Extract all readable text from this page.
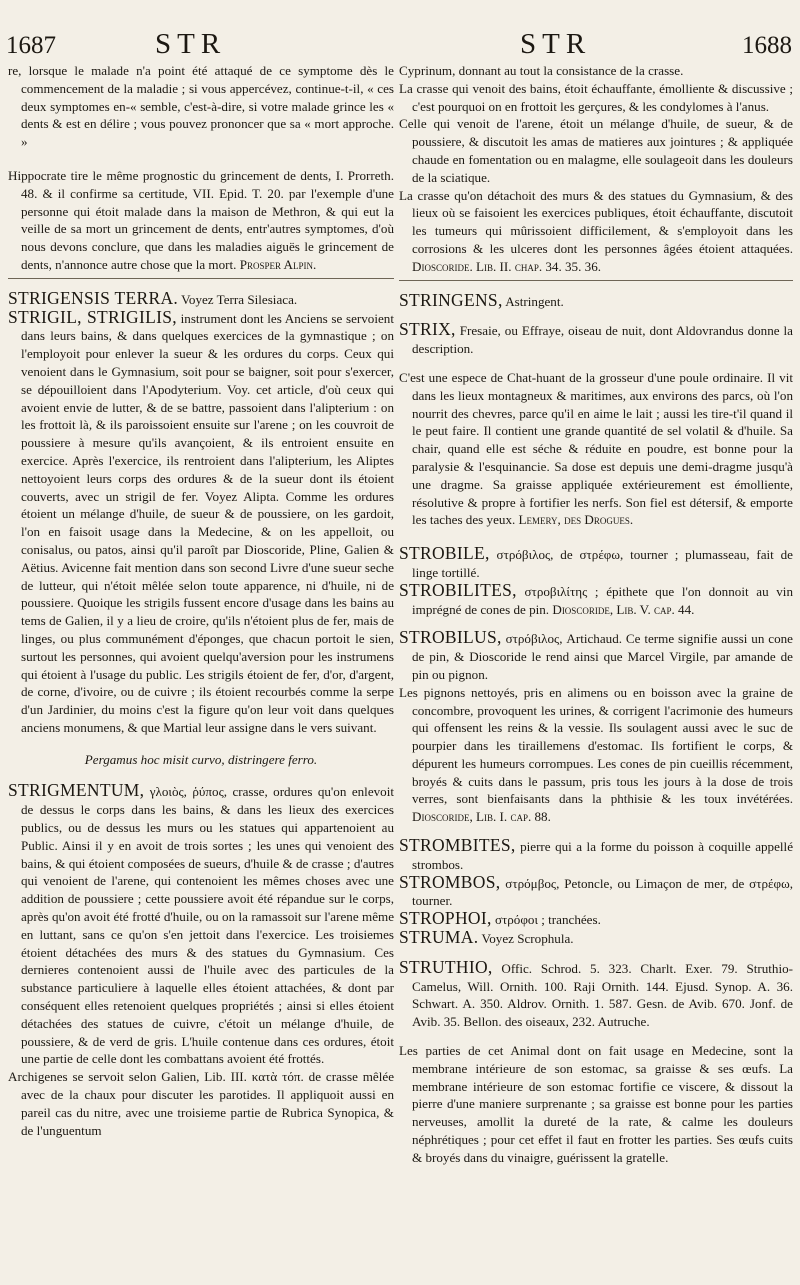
1687	STR	STR	1688

re, lorsque le malade n'a point été attaqué de ce symptome dès le commencement de la maladie ; si vous appercévez, continue-t-il, « ces deux symptomes en-« semble, c'est-à-dire, si votre malade grince les « dents & est en délire ; vous pouvez prononcer que sa « mort approche. »

Hippocrate tire le même prognostic du grincement de dents, I. Prorreth. 48. & il confirme sa certitude, VII. Epid. T. 20. par l'exemple d'une personne qui étoit malade dans la maison de Methron, & qui eut la veille de sa mort un grincement de dents, entr'autres symptomes, d'où nous devons conclure, que dans les maladies aiguës le grincement de dents, n'annonce autre chose que la mort. Prosper Alpin.

STRIGENSIS TERRA. Voyez Terra Silesiaca.

STRIGIL, STRIGILIS, instrument dont les Anciens se servoient dans leurs bains, & dans quelques exercices de la gymnastique ; on l'employoit pour enlever la sueur & les ordures du corps. Ceux qui venoient dans le Gymnasium, soit pour se baigner, soit pour s'exercer, se dépouilloient dans l'Apodyterium. Voy. cet article, d'où ceux qui avoient envie de lutter, & de se battre, passoient dans l'alipterium : on les frottoit là, & ils paroissoient ensuite sur l'arene ; on les couvroit de poussiere à mesure qu'ils avançoient, & ils entroient ensuite en exercice. Après l'exercice, ils rentroient dans l'alipterium, les Aliptes nettoyoient leurs corps des ordures & de la sueur dont ils étoient couverts, avec un strigil de fer. Voyez Alipta. Comme les ordures étoient un mélange d'huile, de sueur & de poussiere, on les gardoit, l'on en faisoit usage dans la Medecine, & on les appelloit, ou conisalus, ou patos, ainsi qu'il paroît par Dioscoride, Pline, Galien & Aëtius. Avicenne fait mention dans son second Livre d'une sueur seche de lutteur, qui n'étoit mêlée selon toute apparence, ni d'huile, ni de poussiere. Quoique les strigils fussent encore d'usage dans les bains au tems de Galien, il y a lieu de croire, qu'ils n'étoient plus de fer, mais de linges, ou plus communément d'éponges, que chacun portoit le sien, surtout les personnes, qui avoient quelqu'aversion pour les instrumens qui étoient à l'usage du public. Les strigils étoient de fer, d'or, d'argent, de corne, d'ivoire, ou de cuivre ; ils étoient recourbés comme la serpe d'un Jardinier, du moins c'est la figure qu'on leur voit dans quelques anciens monumens, & que Martial leur assigne dans le vers suivant.

Pergamus hoc misit curvo, distringere ferro.

STRIGMENTUM, γλοιὸς, ῥύπος, crasse, ordures qu'on enlevoit de dessus le corps dans les bains, & dans les lieux des exercices publics, ou de dessus les murs ou les statues qui appartenoient au Public. Ainsi il y en avoit de trois sortes ; les unes qui venoient des bains, & qui étoient composées de sueurs, d'huile & de crasse ; d'autres qui venoient de l'arene, qui contenoient les mêmes choses avec une addition de poussiere ; cette poussiere avoit été répandue sur le corps, après qu'on avoit été frotté d'huile, ou on la ramassoit sur l'arene même en luttant, sans ce qu'on s'en jettoit dans l'exercice. Les troisiemes étoient détachées des murs & des statues du Gymnasium. Ces dernieres contenoient aussi de l'huile avec des particules de la substance particuliere à laquelle elles étoient attachées, & dont par conséquent elles retenoient quelques propriétés ; ainsi si elles étoient détachées des statues de cuivre, c'étoit un mélange d'huile, de poussiere, & de verd de gris. L'huile contenue dans ces ordures, étoit une partie de celle dont les combattans avoient été frottés.

Archigenes se servoit selon Galien, Lib. III. κατὰ τόπ. de crasse mêlée avec de la chaux pour discuter les parotides. Il appliquoit aussi en pareil cas du nitre, avec une troisieme partie de Rubrica Synopica, & de l'unguentum

Cyprinum, donnant au tout la consistance de la crasse.

La crasse qui venoit des bains, étoit échauffante, émolliente & discussive ; c'est pourquoi on en frottoit les gerçures, & les condylomes à l'anus.

Celle qui venoit de l'arene, étoit un mélange d'huile, de sueur, & de poussiere, & discutoit les amas de matieres aux jointures ; & appliquée chaude en fomentation ou en malagme, elle soulageoit dans les douleurs de la sciatique.

La crasse qu'on détachoit des murs & des statues du Gymnasium, & des lieux où se faisoient les exercices publiques, étoit échauffante, discutoit les tumeurs qui mûrissoient difficilement, & s'employoit dans les corrosions & les ulceres dont les personnes âgées étoient attaquées. Dioscoride. Lib. II. chap. 34. 35. 36.

STRINGENS, Astringent.

STRIX, Fresaie, ou Effraye, oiseau de nuit, dont Aldovrandus donne la description.

C'est une espece de Chat-huant de la grosseur d'une poule ordinaire. Il vit dans les lieux montagneux & maritimes, aux environs des parcs, où l'on nourrit des chevres, parce qu'il en aime le lait ; aussi les tire-t'il quand il le peut faire. Il contient une grande quantité de sel volatil & d'huile. Sa chair, quand elle est séche & réduite en poudre, est bonne pour la paralysie & l'esquinancie. Sa dose est depuis une demi-dragme jusqu'à une dragme. Sa graisse appliquée extérieurement est émolliente, résolutive & propre à fortifier les nerfs. Son fiel est détersif, & emporte les taches des yeux. Lemery, des Drogues.

STROBILE, στρόβιλος, de στρέφω, tourner ; plumasseau, fait de linge tortillé.

STROBILITES, στροβιλίτης ; épithete que l'on donnoit au vin imprégné de cones de pin. Dioscoride, Lib. V. cap. 44.

STROBILUS, στρόβιλος, Artichaud. Ce terme signifie aussi un cone de pin, & Dioscoride le rend ainsi que Marcel Virgile, par amande de pin ou pignon.

Les pignons nettoyés, pris en alimens ou en boisson avec la graine de concombre, provoquent les urines, & corrigent l'acrimonie des humeurs qui offensent les reins & la vessie. Ils soulagent aussi avec le suc de pourpier dans les tiraillemens d'estomac. Ils fortifient le corps, & dépurent les humeurs corrompues. Les cones de pin cueillis récemment, broyés & cuits dans le passum, pris tous les jours à la dose de trois verres, sont bienfaisants dans la phthisie & les toux invétérées. Dioscoride, Lib. I. cap. 88.

STROMBITES, pierre qui a la forme du poisson à coquille appellé strombos.

STROMBOS, στρόμβος, Petoncle, ou Limaçon de mer, de στρέφω, tourner.

STROPHOI, στρόφοι ; tranchées.

STRUMA. Voyez Scrophula.

STRUTHIO, Offic. Schrod. 5. 323. Charlt. Exer. 79. Struthio-Camelus, Will. Ornith. 100. Raji Ornith. 144. Ejusd. Synop. A. 36. Schwart. A. 350. Aldrov. Ornith. 1. 587. Gesn. de Avib. 670. Jonf. de Avib. 35. Bellon. des oiseaux, 232. Autruche.

Les parties de cet Animal dont on fait usage en Medecine, sont la membrane intérieure de son estomac, sa graisse & ses œufs. La membrane intérieure de son estomac fortifie ce viscere, & dissout la pierre d'une maniere surprenante ; sa graisse est bonne pour les parties nerveuses, amollit la dureté de la rate, & calme les douleurs néphrétiques ; pour cet effet il faut en frotter les parties. Ses œufs cuits & broyés dans du vinaigre, guérissent la gratelle.
